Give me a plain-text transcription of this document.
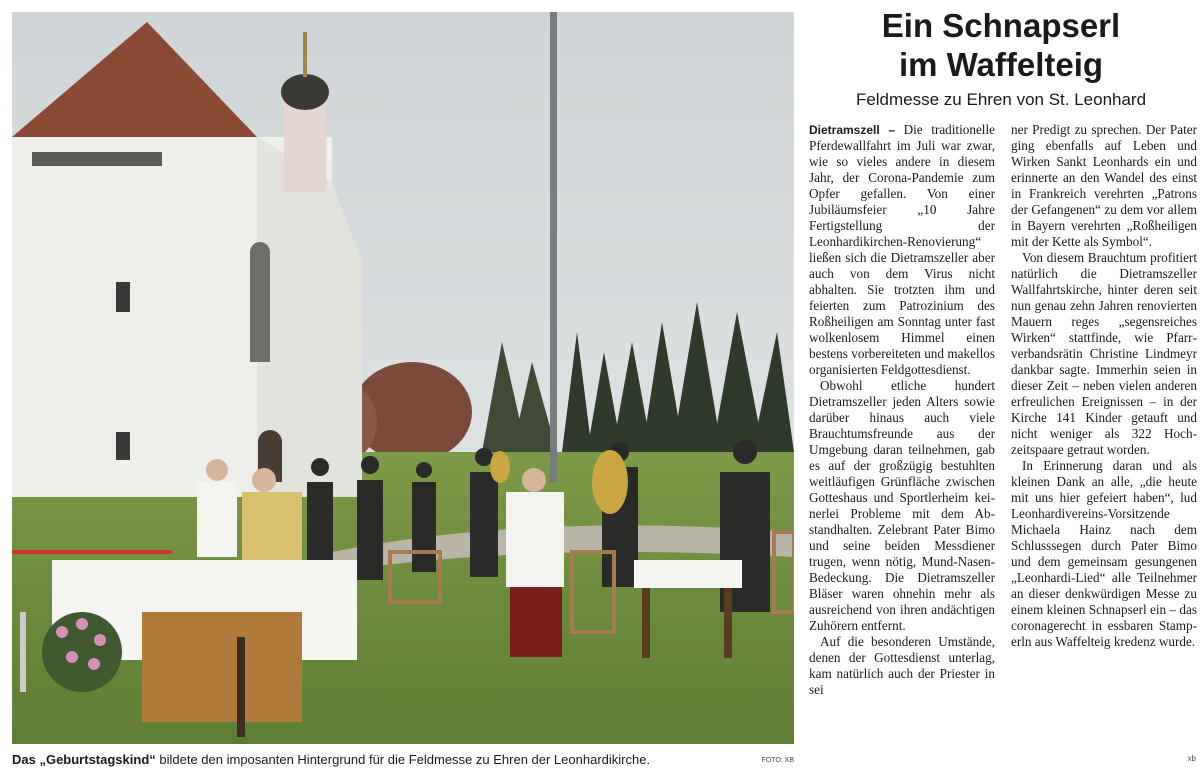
Das „Geburtstagskind“ bildete den imposanten Hintergrund für die Feldmesse zu Ehren der Leonhardikirche.	FOTO: XB
Ein Schnapserl
im Waffelteig
Feldmesse zu Ehren von St. Leonhard

Dietramszell – Die traditionelle Pferdewallfahrt im Juli war zwar, wie so vieles andere in diesem Jahr, der Corona-Pandemie zum Opfer gefallen. Von einer Jubiläumsfeier „10 Jahre Fertigstellung der Leonhardikirchen-Renovierung“ ließen sich die Dietramszeller aber auch von dem Virus nicht abhalten. Sie trotzten ihm und feierten zum Patrozinium des Roßheiligen am Sonntag unter fast wolkenlosem Himmel einen bestens vorbereiteten und makellos organisierten Feldgottesdienst.

Obwohl etliche hundert Dietramszeller jeden Alters sowie darüber hinaus auch viele Brauchtumsfreunde aus der Umgebung daran teilnehmen, gab es auf der großzügig bestuhlten weitläufigen Grünfläche zwischen Gotteshaus und Sportlerheim keinerlei Probleme mit dem Abstandhalten. Zelebrant Pater Bimo und seine beiden Messdiener trugen, wenn nötig, Mund-Nasen-Bedeckung. Die Dietramszeller Bläser waren ohnehin mehr als ausreichend von ihren andächtigen Zuhörern entfernt.

Auf die besonderen Umstände, denen der Gottesdienst unterlag, kam natürlich auch der Priester in sei

ner Predigt zu sprechen. Der Pater ging ebenfalls auf Leben und Wirken Sankt Leonhards ein und erinnerte an den Wandel des einst in Frankreich verehrten „Patrons der Gefangenen“ zu dem vor allem in Bayern verehrten „Roßheiligen mit der Kette als Symbol“.

Von diesem Brauchtum profitiert natürlich die Dietramszeller Wallfahrtskirche, hinter deren seit nun genau zehn Jahren renovierten Mauern reges „segensreiches Wirken“ stattfinde, wie Pfarrverbandsrätin Christine Lindmeyr dankbar sagte. Immerhin seien in dieser Zeit – neben vielen anderen erfreulichen Ereignissen – in der Kirche 141 Kinder getauft und nicht weniger als 322 Hochzeitspaare getraut worden.

In Erinnerung daran und als kleinen Dank an alle, „die heute mit uns hier gefeiert haben“, lud Leonhardivereins-Vorsitzende Michaela Hainz nach dem Schlusssegen durch Pater Bimo und dem gemeinsam gesungenen „Leonhardi-Lied“ alle Teilnehmer an dieser denkwürdigen Messe zu einem kleinen Schnapserl ein – das coronagerecht in essbaren Stamperln aus Waffelteig kredenz wurde.

xb
